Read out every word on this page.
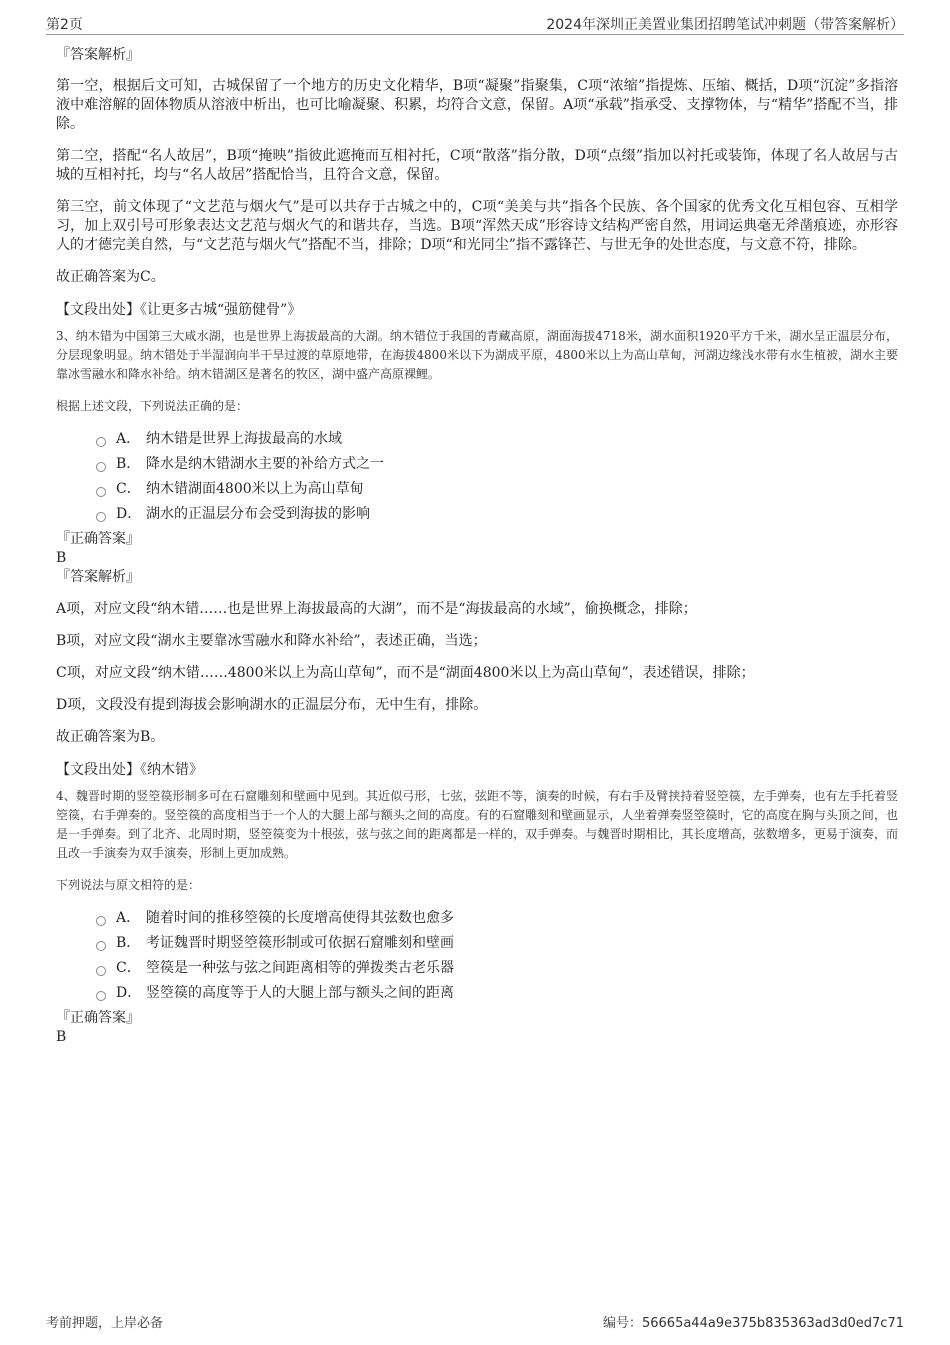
第2页	2024年深圳正美置业集团招聘笔试冲刺题（带答案解析）

『答案解析』

第一空，根据后文可知，古城保留了一个地方的历史文化精华，B项“凝聚”指聚集，C项“浓缩”指提炼、压缩、概括，D项“沉淀”多指溶液中难溶解的固体物质从溶液中析出，也可比喻凝聚、积累，均符合文意，保留。A项“承载”指承受、支撑物体，与“精华”搭配不当，排除。

第二空，搭配“名人故居”，B项“掩映”指彼此遮掩而互相衬托，C项“散落”指分散，D项“点缀”指加以衬托或装饰，体现了名人故居与古城的互相衬托，均与“名人故居”搭配恰当，且符合文意，保留。

第三空，前文体现了“文艺范与烟火气”是可以共存于古城之中的，C项“美美与共”指各个民族、各个国家的优秀文化互相包容、互相学习，加上双引号可形象表达文艺范与烟火气的和谐共存，当选。B项“浑然天成”形容诗文结构严密自然，用词运典毫无斧凿痕迹，亦形容人的才德完美自然，与“文艺范与烟火气”搭配不当，排除；D项“和光同尘”指不露锋芒、与世无争的处世态度，与文意不符，排除。

故正确答案为C。

【文段出处】《让更多古城“强筋健骨”》

3、纳木错为中国第三大咸水湖，也是世界上海拔最高的大湖。纳木错位于我国的青藏高原，湖面海拔4718米，湖水面积1920平方千米，湖水呈正温层分布，分层现象明显。纳木错处于半湿润向半干旱过渡的草原地带，在海拔4800米以下为湖成平原，4800米以上为高山草甸，河湖边缘浅水带有水生植被，湖水主要靠冰雪融水和降水补给。纳木错湖区是著名的牧区，湖中盛产高原裸鲤。

根据上述文段，下列说法正确的是：

A． 纳木错是世界上海拔最高的水域
B． 降水是纳木错湖水主要的补给方式之一
C． 纳木错湖面4800米以上为高山草甸
D． 湖水的正温层分布会受到海拔的影响

『正确答案』

B

『答案解析』

A项，对应文段“纳木错……也是世界上海拔最高的大湖”，而不是“海拔最高的水域”，偷换概念，排除；

B项，对应文段“湖水主要靠冰雪融水和降水补给”，表述正确，当选；

C项，对应文段“纳木错……4800米以上为高山草甸”，而不是“湖面4800米以上为高山草甸”，表述错误，排除；

D项，文段没有提到海拔会影响湖水的正温层分布，无中生有，排除。

故正确答案为B。

【文段出处】《纳木错》

4、魏晋时期的竖箜篌形制多可在石窟雕刻和壁画中见到。其近似弓形，七弦，弦距不等，演奏的时候，有右手及臂挟持着竖箜篌，左手弹奏，也有左手托着竖箜篌，右手弹奏的。竖箜篌的高度相当于一个人的大腿上部与额头之间的高度。有的石窟雕刻和壁画显示，人坐着弹奏竖箜篌时，它的高度在胸与头顶之间，也是一手弹奏。到了北齐、北周时期，竖箜篌变为十根弦，弦与弦之间的距离都是一样的，双手弹奏。与魏晋时期相比，其长度增高，弦数增多，更易于演奏，而且改一手演奏为双手演奏，形制上更加成熟。

下列说法与原文相符的是：

A． 随着时间的推移箜篌的长度增高使得其弦数也愈多
B． 考证魏晋时期竖箜篌形制或可依据石窟雕刻和壁画
C． 箜篌是一种弦与弦之间距离相等的弹拨类古老乐器
D． 竖箜篌的高度等于人的大腿上部与额头之间的距离

『正确答案』

B

考前押题，上岸必备	编号：56665a44a9e375b835363ad3d0ed7c71
